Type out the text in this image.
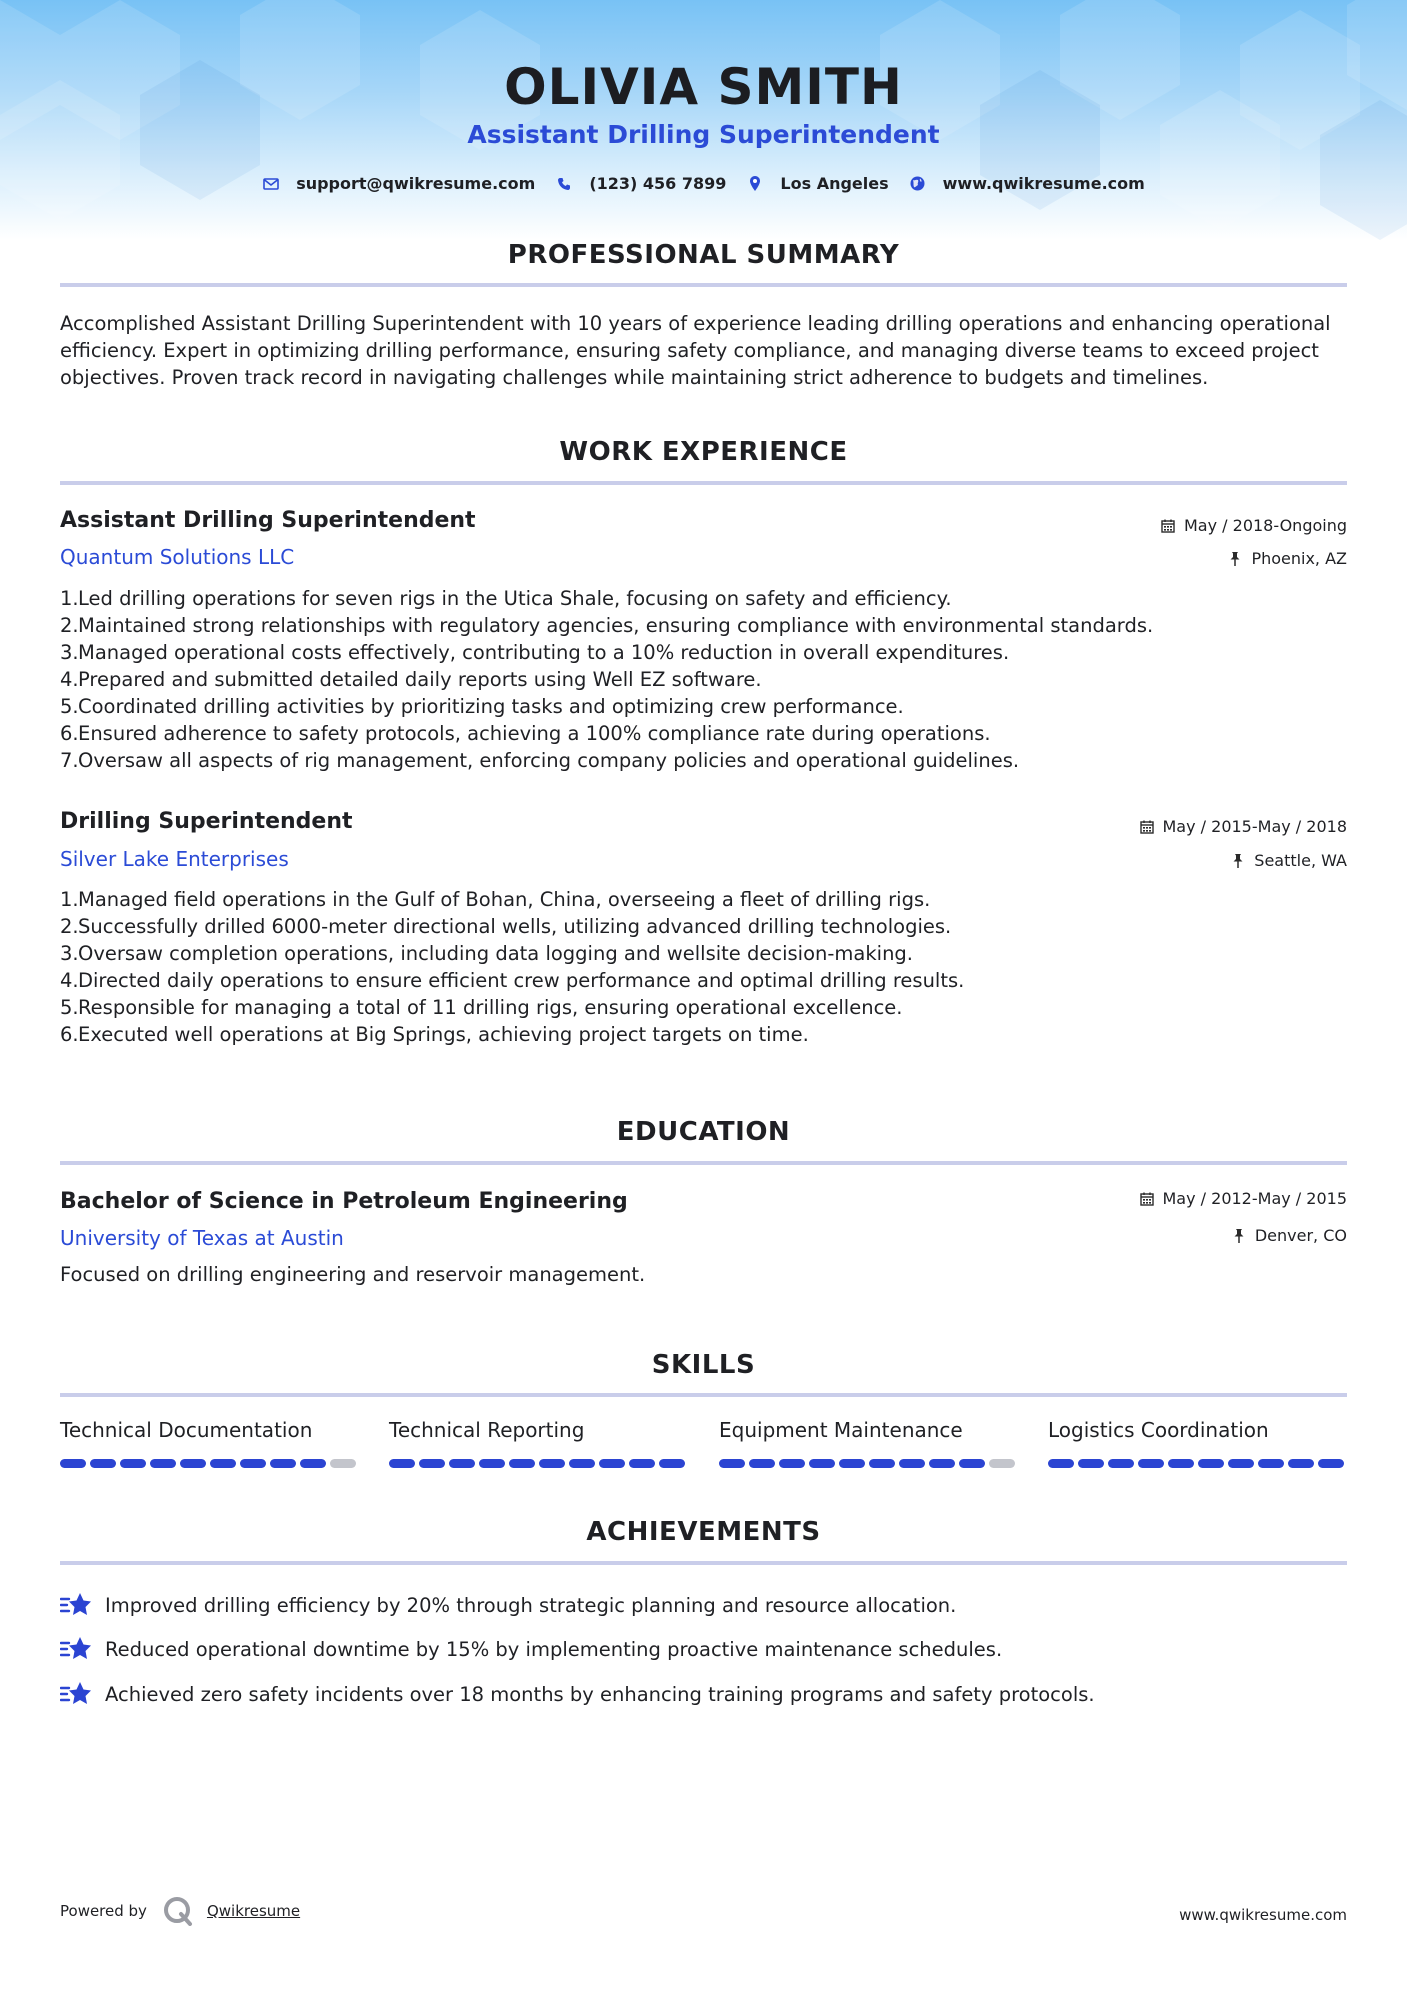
OLIVIA SMITH
Assistant Drilling Superintendent
support@qwikresume.com	(123) 456 7899	Los Angeles	www.qwikresume.com
PROFESSIONAL SUMMARY
Accomplished Assistant Drilling Superintendent with 10 years of experience leading drilling operations and enhancing operational efficiency. Expert in optimizing drilling performance, ensuring safety compliance, and managing diverse teams to exceed project objectives. Proven track record in navigating challenges while maintaining strict adherence to budgets and timelines.
WORK EXPERIENCE
Assistant Drilling Superintendent
Quantum Solutions LLC
May / 2018-Ongoing
Phoenix, AZ
1. Led drilling operations for seven rigs in the Utica Shale, focusing on safety and efficiency.
2. Maintained strong relationships with regulatory agencies, ensuring compliance with environmental standards.
3. Managed operational costs effectively, contributing to a 10% reduction in overall expenditures.
4. Prepared and submitted detailed daily reports using Well EZ software.
5. Coordinated drilling activities by prioritizing tasks and optimizing crew performance.
6. Ensured adherence to safety protocols, achieving a 100% compliance rate during operations.
7. Oversaw all aspects of rig management, enforcing company policies and operational guidelines.
Drilling Superintendent
Silver Lake Enterprises
May / 2015-May / 2018
Seattle, WA
1. Managed field operations in the Gulf of Bohan, China, overseeing a fleet of drilling rigs.
2. Successfully drilled 6000-meter directional wells, utilizing advanced drilling technologies.
3. Oversaw completion operations, including data logging and wellsite decision-making.
4. Directed daily operations to ensure efficient crew performance and optimal drilling results.
5. Responsible for managing a total of 11 drilling rigs, ensuring operational excellence.
6. Executed well operations at Big Springs, achieving project targets on time.
EDUCATION
Bachelor of Science in Petroleum Engineering
University of Texas at Austin
May / 2012-May / 2015
Denver, CO
Focused on drilling engineering and reservoir management.
SKILLS
Technical Documentation	Technical Reporting	Equipment Maintenance	Logistics Coordination
ACHIEVEMENTS
Improved drilling efficiency by 20% through strategic planning and resource allocation.
Reduced operational downtime by 15% by implementing proactive maintenance schedules.
Achieved zero safety incidents over 18 months by enhancing training programs and safety protocols.
Powered by	Qwikresume	www.qwikresume.com
